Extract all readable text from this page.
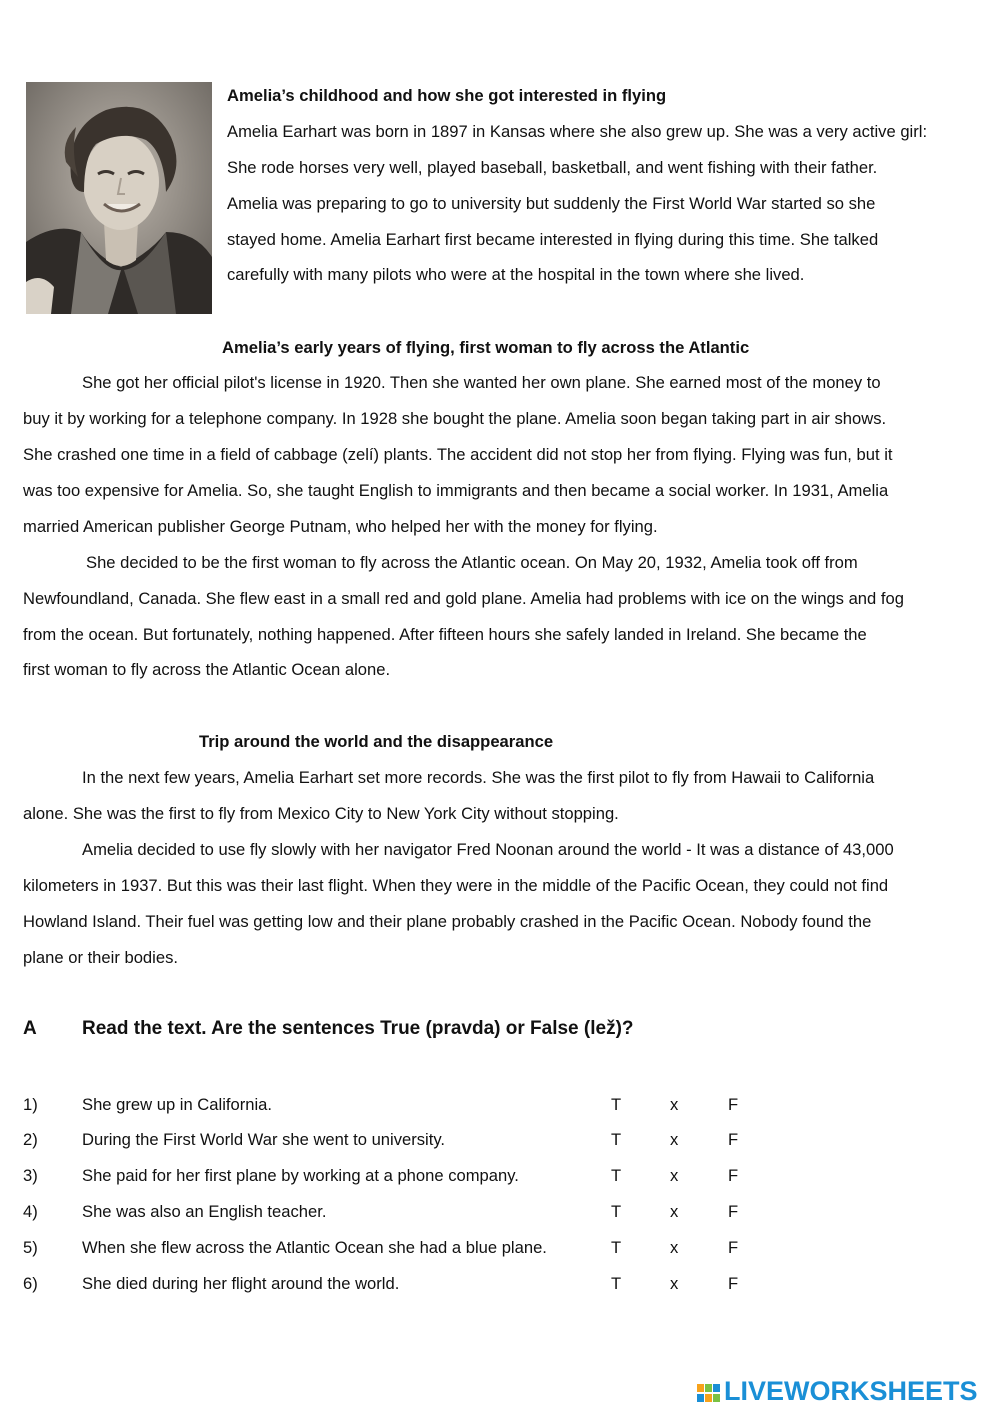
Amelia’s childhood and how she got interested in flying
Amelia Earhart was born in 1897 in Kansas where she also grew up. She was a very active girl:
She rode horses very well, played baseball, basketball, and went fishing with their father.
Amelia was preparing to go to university but suddenly the First World War started so she
stayed home. Amelia Earhart first became interested in flying during this time. She talked
carefully with many pilots who were at the hospital in the town where she lived.
Amelia’s early years of flying, first woman to fly across the Atlantic
She got her official pilot's license in 1920. Then she wanted her own plane. She earned most of the money to
buy it by working for a telephone company. In 1928 she bought the plane. Amelia soon began taking part in air shows.
She crashed one time in a field of cabbage (zelí) plants. The accident did not stop her from flying. Flying was fun, but it
was too expensive for Amelia. So, she taught English to immigrants and then became a social worker. In 1931, Amelia
married American publisher George Putnam, who helped her with the money for flying.
She decided to be the first woman to fly across the Atlantic ocean. On May 20, 1932, Amelia took off from
Newfoundland, Canada. She flew east in a small red and gold plane. Amelia had problems with ice on the wings and fog
from the ocean. But fortunately, nothing happened. After fifteen hours she safely landed in Ireland. She became the
first woman to fly across the Atlantic Ocean alone.
Trip around the world and the disappearance
In the next few years, Amelia Earhart set more records. She was the first pilot to fly from Hawaii to California
alone. She was the first to fly from Mexico City to New York City without stopping.
Amelia decided to use fly slowly with her navigator Fred Noonan around the world - It was a distance of 43,000
kilometers in 1937. But this was their last flight. When they were in the middle of the Pacific Ocean, they could not find
Howland Island. Their fuel was getting low and their plane probably crashed in the Pacific Ocean. Nobody found the
plane or their bodies.
A Read the text. Are the sentences True (pravda) or False (lež)?
1)	She grew up in California.	T	x	F
2)	During the First World War she went to university.	T	x	F
3)	She paid for her first plane by working at a phone company.	T	x	F
4)	She was also an English teacher.	T	x	F
5)	When she flew across the Atlantic Ocean she had a blue plane.	T	x	F
6)	She died during her flight around the world.	T	x	F
LIVEWORKSHEETS
